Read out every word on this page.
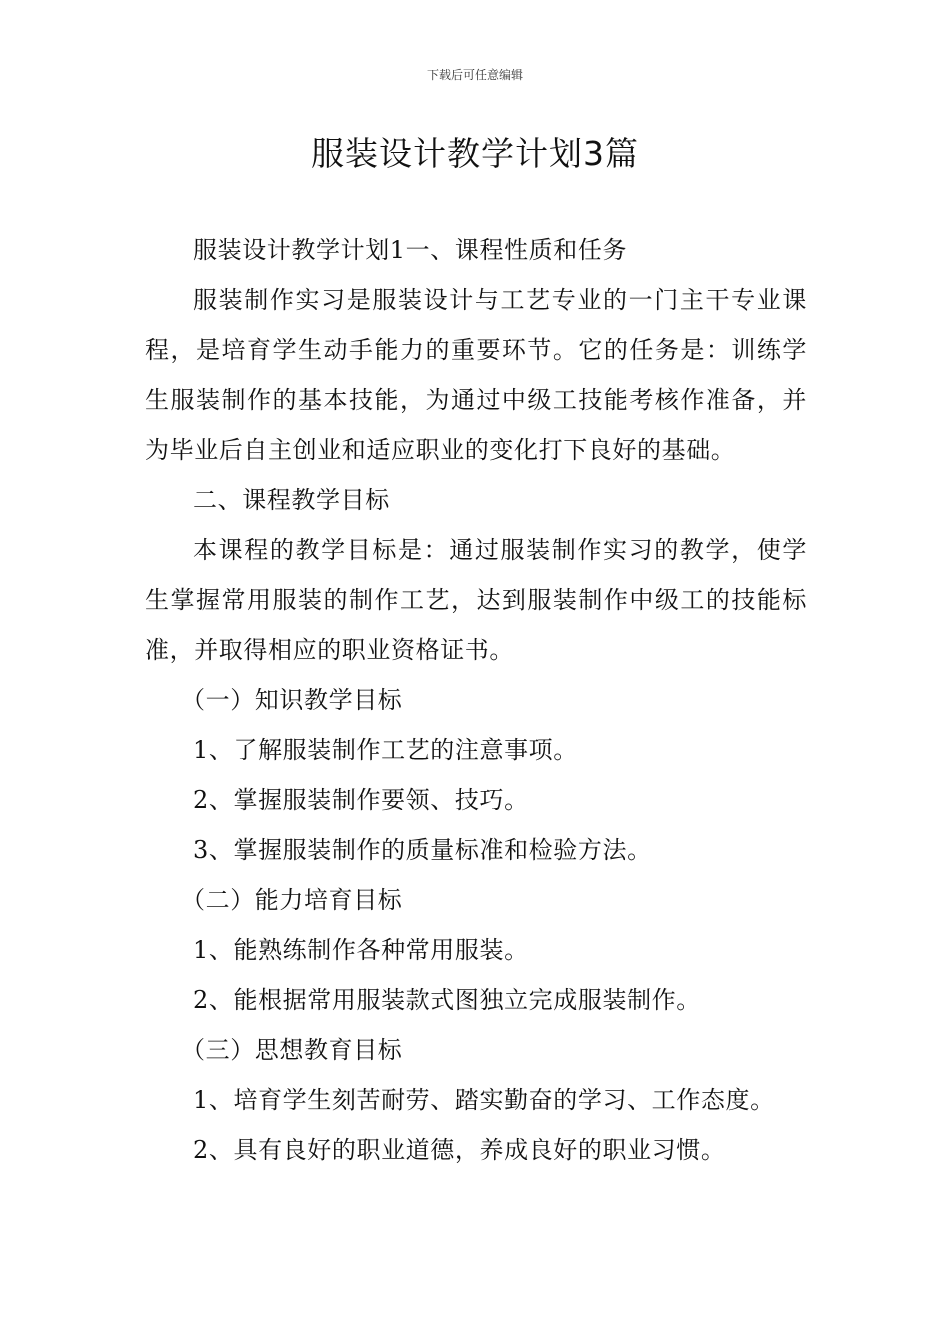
下载后可任意编辑
服装设计教学计划3篇

服装设计教学计划1一、课程性质和任务

服装制作实习是服装设计与工艺专业的一门主干专业课程，是培育学生动手能力的重要环节。它的任务是：训练学生服装制作的基本技能，为通过中级工技能考核作准备，并为毕业后自主创业和适应职业的变化打下良好的基础。

二、课程教学目标

本课程的教学目标是：通过服装制作实习的教学，使学生掌握常用服装的制作工艺，达到服装制作中级工的技能标准，并取得相应的职业资格证书。

（一）知识教学目标

1、了解服装制作工艺的注意事项。

2、掌握服装制作要领、技巧。

3、掌握服装制作的质量标准和检验方法。

（二）能力培育目标

1、能熟练制作各种常用服装。

2、能根据常用服装款式图独立完成服装制作。

（三）思想教育目标

1、培育学生刻苦耐劳、踏实勤奋的学习、工作态度。

2、具有良好的职业道德，养成良好的职业习惯。
